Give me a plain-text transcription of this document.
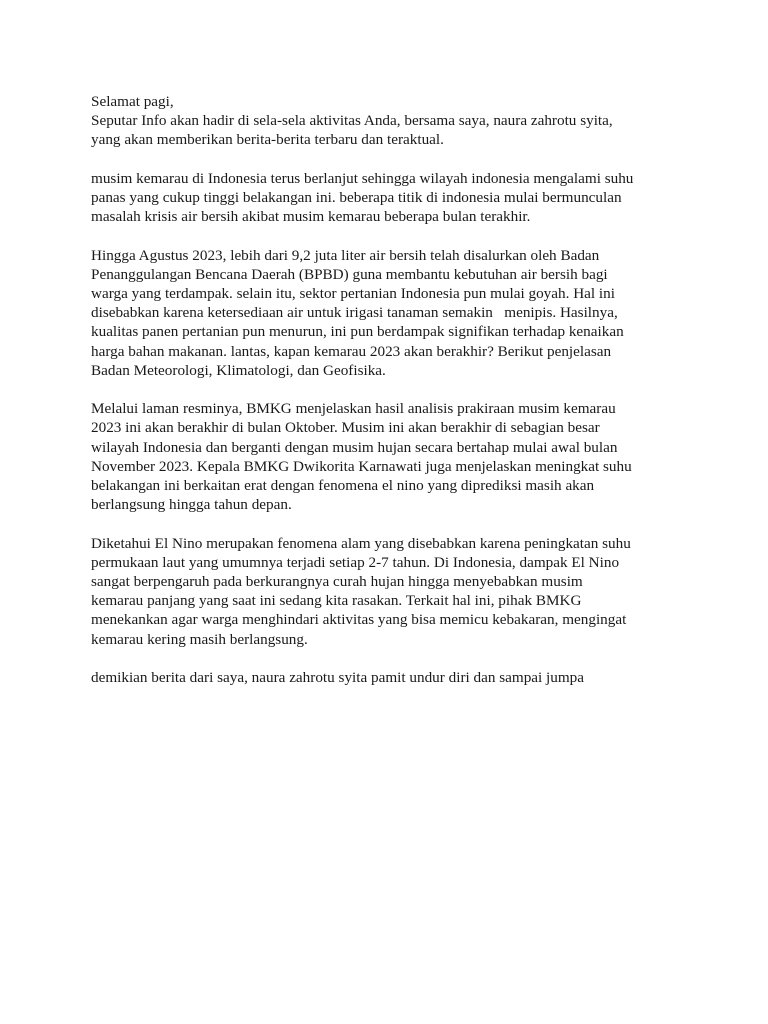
Selamat pagi,
Seputar Info akan hadir di sela-sela aktivitas Anda, bersama saya, naura zahrotu syita,
yang akan memberikan berita-berita terbaru dan teraktual.

musim kemarau di Indonesia terus berlanjut sehingga wilayah indonesia mengalami suhu
panas yang cukup tinggi belakangan ini. beberapa titik di indonesia mulai bermunculan
masalah krisis air bersih akibat musim kemarau beberapa bulan terakhir.

Hingga Agustus 2023, lebih dari 9,2 juta liter air bersih telah disalurkan oleh Badan
Penanggulangan Bencana Daerah (BPBD) guna membantu kebutuhan air bersih bagi
warga yang terdampak. selain itu, sektor pertanian Indonesia pun mulai goyah. Hal ini
disebabkan karena ketersediaan air untuk irigasi tanaman semakin   menipis. Hasilnya,
kualitas panen pertanian pun menurun, ini pun berdampak signifikan terhadap kenaikan
harga bahan makanan. lantas, kapan kemarau 2023 akan berakhir? Berikut penjelasan
Badan Meteorologi, Klimatologi, dan Geofisika.

Melalui laman resminya, BMKG menjelaskan hasil analisis prakiraan musim kemarau
2023 ini akan berakhir di bulan Oktober. Musim ini akan berakhir di sebagian besar
wilayah Indonesia dan berganti dengan musim hujan secara bertahap mulai awal bulan
November 2023. Kepala BMKG Dwikorita Karnawati juga menjelaskan meningkat suhu
belakangan ini berkaitan erat dengan fenomena el nino yang diprediksi masih akan
berlangsung hingga tahun depan.

Diketahui El Nino merupakan fenomena alam yang disebabkan karena peningkatan suhu
permukaan laut yang umumnya terjadi setiap 2-7 tahun. Di Indonesia, dampak El Nino
sangat berpengaruh pada berkurangnya curah hujan hingga menyebabkan musim
kemarau panjang yang saat ini sedang kita rasakan. Terkait hal ini, pihak BMKG
menekankan agar warga menghindari aktivitas yang bisa memicu kebakaran, mengingat
kemarau kering masih berlangsung.

demikian berita dari saya, naura zahrotu syita pamit undur diri dan sampai jumpa
